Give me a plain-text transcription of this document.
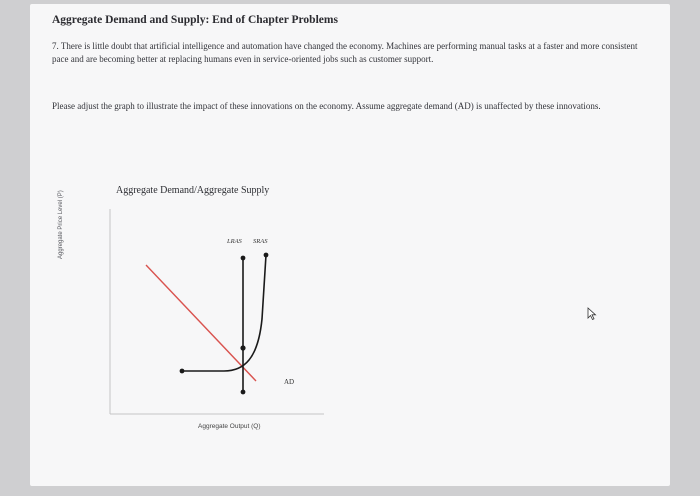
Aggregate Demand and Supply: End of Chapter Problems

7. There is little doubt that artificial intelligence and automation have changed the economy. Machines are performing manual tasks at a faster and more consistent pace and are becoming better at replacing humans even in service-oriented jobs such as customer support.

Please adjust the graph to illustrate the impact of these innovations on the economy. Assume aggregate demand (AD) is unaffected by these innovations.

Aggregate Demand/Aggregate Supply
LRAS SRAS
AD
Aggregate Output (Q)
Aggregate Price Level (P)
